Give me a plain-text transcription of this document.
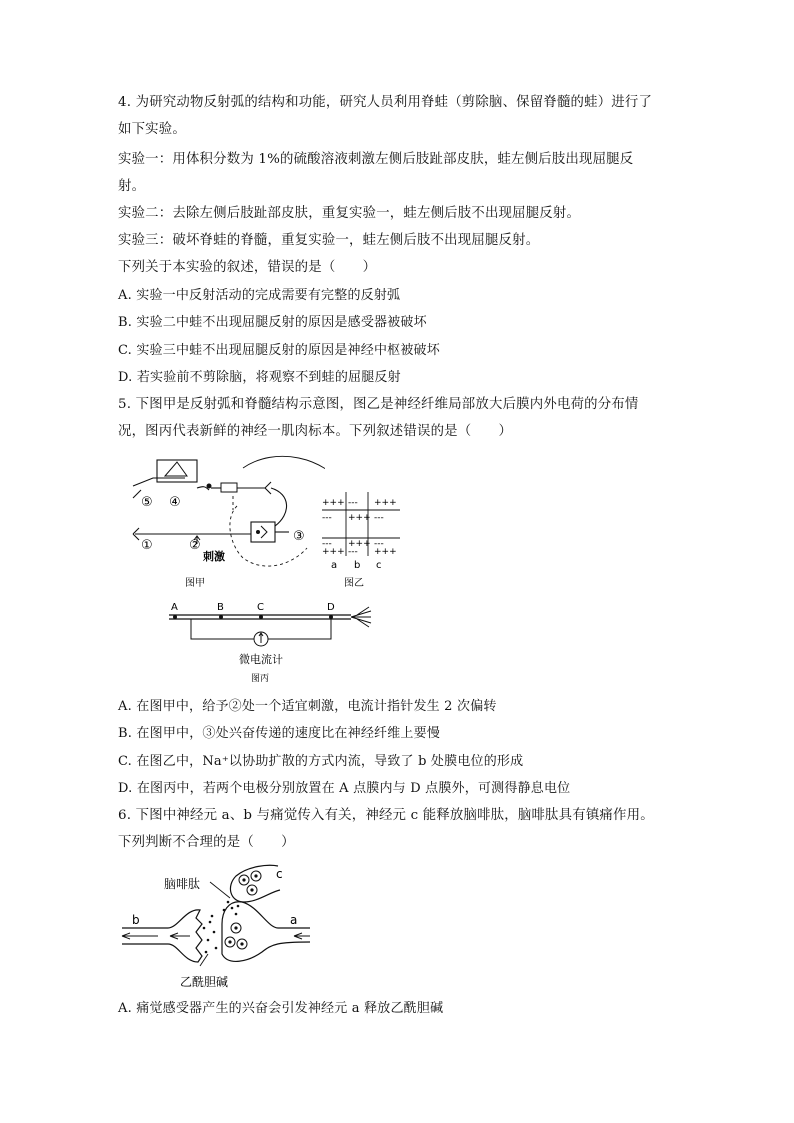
4. 为研究动物反射弧的结构和功能，研究人员利用脊蛙（剪除脑、保留脊髓的蛙）进行了
如下实验。
实验一：用体积分数为 1%的硫酸溶液刺激左侧后肢趾部皮肤，蛙左侧后肢出现屈腿反
射。
实验二：去除左侧后肢趾部皮肤，重复实验一，蛙左侧后肢不出现屈腿反射。
实验三：破坏脊蛙的脊髓，重复实验一，蛙左侧后肢不出现屈腿反射。
下列关于本实验的叙述，错误的是（　　）
A. 实验一中反射活动的完成需要有完整的反射弧
B. 实验二中蛙不出现屈腿反射的原因是感受器被破坏
C. 实验三中蛙不出现屈腿反射的原因是神经中枢被破坏
D. 若实验前不剪除脑，将观察不到蛙的屈腿反射
5. 下图甲是反射弧和脊髓结构示意图，图乙是神经纤维局部放大后膜内外电荷的分布情
况，图丙代表新鲜的神经一肌肉标本。下列叙述错误的是（　　）
⑤ ④
①	②
③
刺激
图甲
+++ --- +++
--- +++ ---
--- +++ ---
+++ --- +++
a b c
图乙
A	B	C	D
微电流计
图丙
A. 在图甲中，给予②处一个适宜刺激，电流计指针发生 2 次偏转
B. 在图甲中，③处兴奋传递的速度比在神经纤维上要慢
C. 在图乙中，Na⁺以协助扩散的方式内流，导致了 b 处膜电位的形成
D. 在图丙中，若两个电极分别放置在 A 点膜内与 D 点膜外，可测得静息电位
6. 下图中神经元 a、b 与痛觉传入有关，神经元 c 能释放脑啡肽，脑啡肽具有镇痛作用。
下列判断不合理的是（　　）
脑啡肽
c
a
b
乙酰胆碱
A. 痛觉感受器产生的兴奋会引发神经元 a 释放乙酰胆碱
